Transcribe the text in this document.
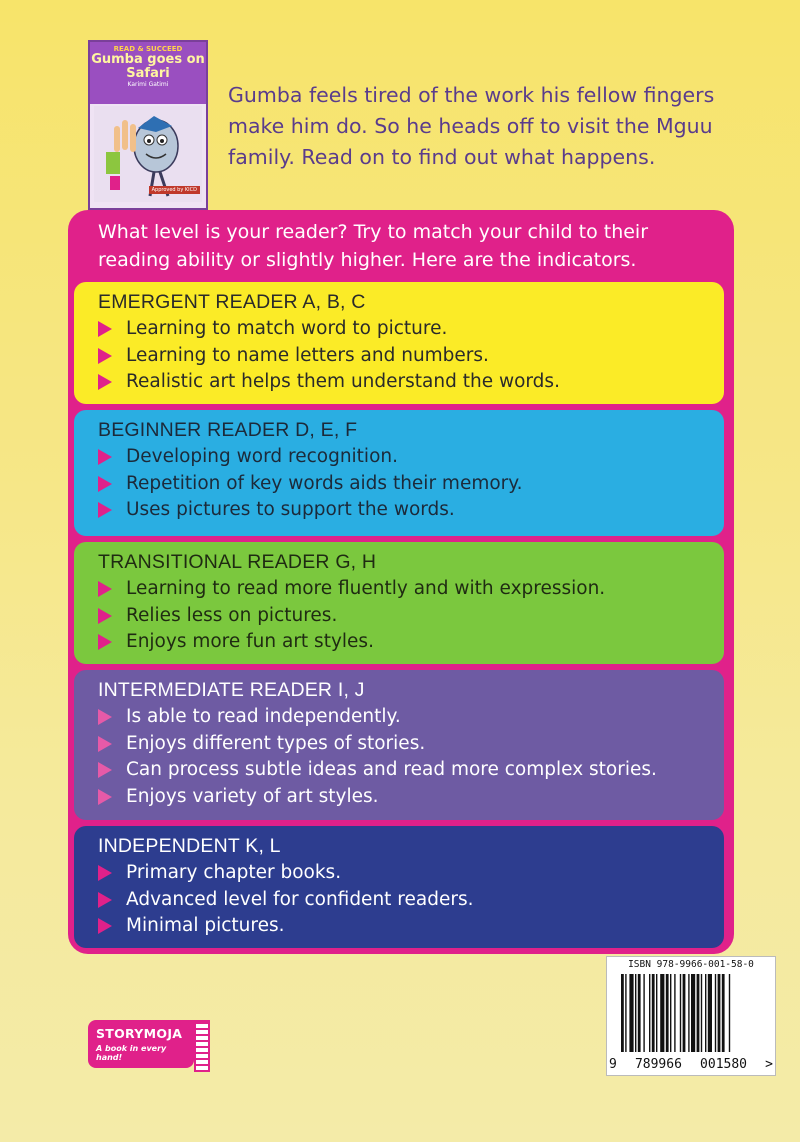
READ & SUCCEED
Gumba goes on Safari
Karimi Gatimi
Approved by KICD
Gumba feels tired of the work his fellow fingers make him do. So he heads off to visit the Mguu family. Read on to find out what happens.
What level is your reader? Try to match your child to their reading ability or slightly higher. Here are the indicators.
EMERGENT READER A, B, C
Learning to match word to picture.
Learning to name letters and numbers.
Realistic art helps them understand the words.
BEGINNER READER D, E, F
Developing word recognition.
Repetition of key words aids their memory.
Uses pictures to support the words.
TRANSITIONAL READER G, H
Learning to read more fluently and with expression.
Relies less on pictures.
Enjoys more fun art styles.
INTERMEDIATE READER I, J
Is able to read independently.
Enjoys different types of stories.
Can process subtle ideas and read more complex stories.
Enjoys variety of art styles.
INDEPENDENT K, L
Primary chapter books.
Advanced level for confident readers.
Minimal pictures.
ISBN 978-9966-001-58-0
9 789966 001580 >
STORYMOJA
A book in every hand!
